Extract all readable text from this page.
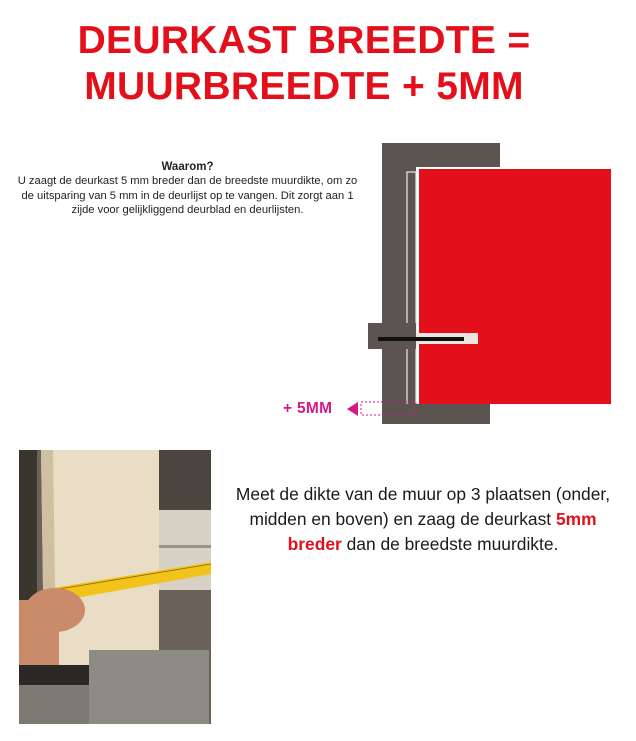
DEURKAST BREEDTE =
MUURBREEDTE + 5MM
Waarom?
U zaagt de deurkast 5 mm breder dan de breedste muurdikte, om zo de uitsparing van 5 mm in de deurlijst op te vangen. Dit zorgt aan 1 zijde voor gelijkliggend deurblad en deurlijsten.
+ 5MM
Meet de dikte van de muur op 3 plaatsen (onder, midden en boven) en zaag de deurkast 5mm breder dan de breedste muurdikte.
